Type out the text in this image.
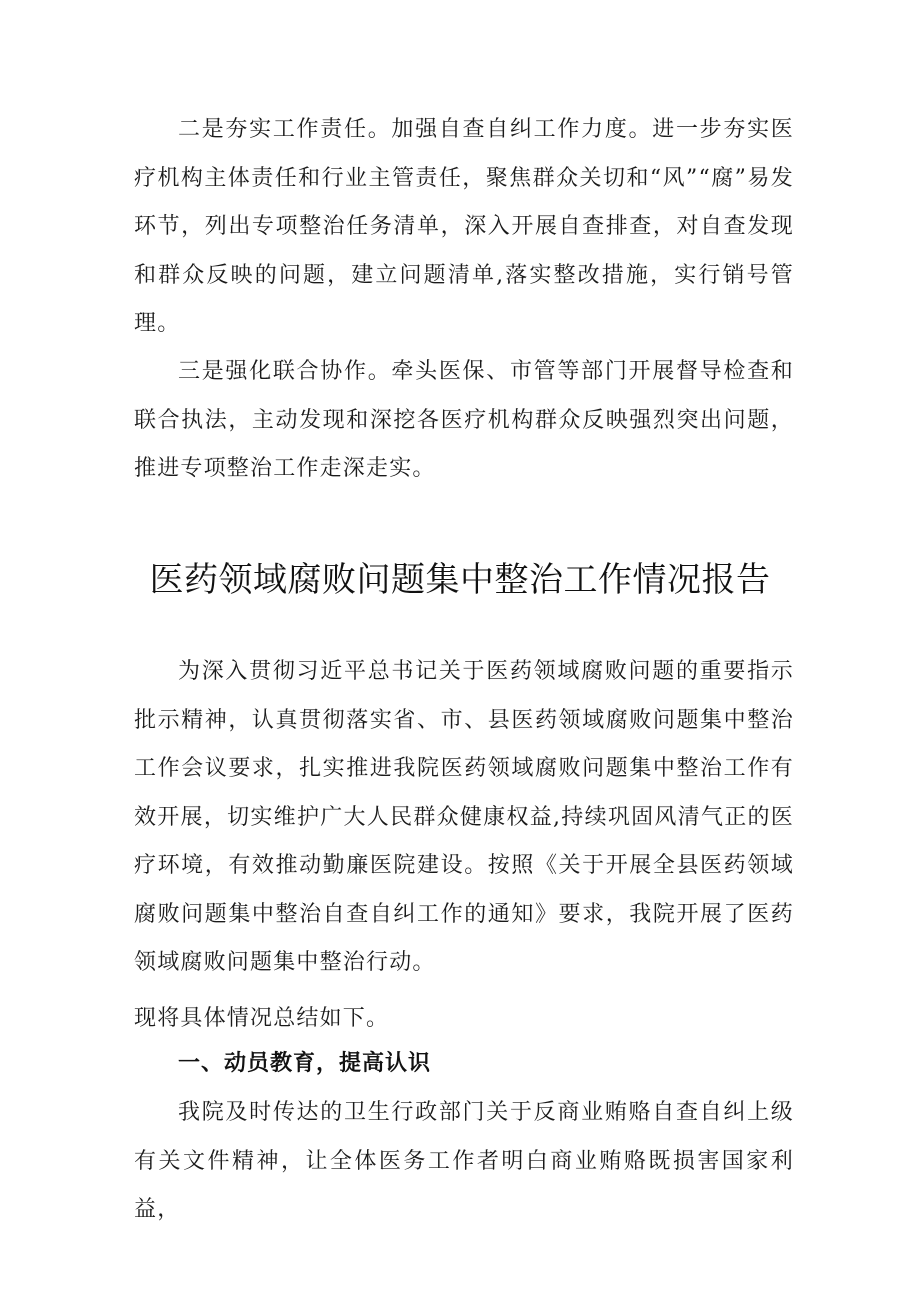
二是夯实工作责任。加强自查自纠工作力度。进一步夯实医疗机构主体责任和行业主管责任，聚焦群众关切和“风”“腐”易发环节，列出专项整治任务清单，深入开展自查排查，对自查发现和群众反映的问题，建立问题清单,落实整改措施，实行销号管理。

三是强化联合协作。牵头医保、市管等部门开展督导检查和联合执法，主动发现和深挖各医疗机构群众反映强烈突出问题，推进专项整治工作走深走实。

医药领域腐败问题集中整治工作情况报告

为深入贯彻习近平总书记关于医药领域腐败问题的重要指示批示精神，认真贯彻落实省、市、县医药领域腐败问题集中整治工作会议要求，扎实推进我院医药领域腐败问题集中整治工作有效开展，切实维护广大人民群众健康权益,持续巩固风清气正的医疗环境，有效推动勤廉医院建设。按照《关于开展全县医药领域腐败问题集中整治自查自纠工作的通知》要求，我院开展了医药领域腐败问题集中整治行动。

现将具体情况总结如下。

一、动员教育，提高认识

我院及时传达的卫生行政部门关于反商业贿赂自查自纠上级有关文件精神，让全体医务工作者明白商业贿赂既损害国家利益，
